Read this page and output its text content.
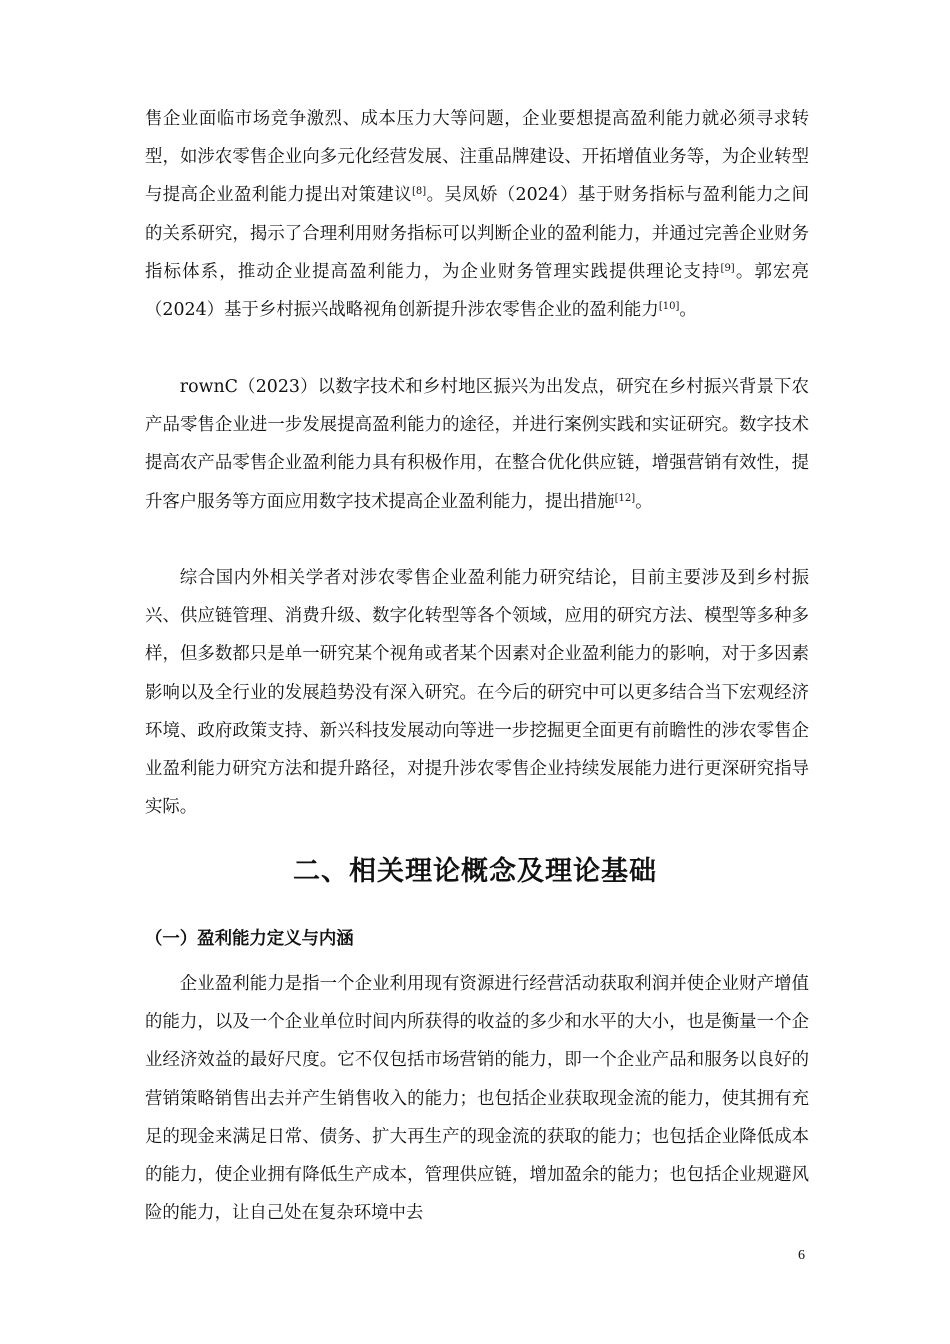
售企业面临市场竞争激烈、成本压力大等问题，企业要想提高盈利能力就必须寻求转型，如涉农零售企业向多元化经营发展、注重品牌建设、开拓增值业务等，为企业转型与提高企业盈利能力提出对策建议[8]。吴凤娇（2024）基于财务指标与盈利能力之间的关系研究，揭示了合理利用财务指标可以判断企业的盈利能力，并通过完善企业财务指标体系，推动企业提高盈利能力，为企业财务管理实践提供理论支持[9]。郭宏亮（2024）基于乡村振兴战略视角创新提升涉农零售企业的盈利能力[10]。

rownC（2023）以数字技术和乡村地区振兴为出发点，研究在乡村振兴背景下农产品零售企业进一步发展提高盈利能力的途径，并进行案例实践和实证研究。数字技术提高农产品零售企业盈利能力具有积极作用，在整合优化供应链，增强营销有效性，提升客户服务等方面应用数字技术提高企业盈利能力，提出措施[12]。

综合国内外相关学者对涉农零售企业盈利能力研究结论，目前主要涉及到乡村振兴、供应链管理、消费升级、数字化转型等各个领域，应用的研究方法、模型等多种多样，但多数都只是单一研究某个视角或者某个因素对企业盈利能力的影响，对于多因素影响以及全行业的发展趋势没有深入研究。在今后的研究中可以更多结合当下宏观经济环境、政府政策支持、新兴科技发展动向等进一步挖掘更全面更有前瞻性的涉农零售企业盈利能力研究方法和提升路径，对提升涉农零售企业持续发展能力进行更深研究指导实际。

二、相关理论概念及理论基础
（一）盈利能力定义与内涵

企业盈利能力是指一个企业利用现有资源进行经营活动获取利润并使企业财产增值的能力，以及一个企业单位时间内所获得的收益的多少和水平的大小，也是衡量一个企业经济效益的最好尺度。它不仅包括市场营销的能力，即一个企业产品和服务以良好的营销策略销售出去并产生销售收入的能力；也包括企业获取现金流的能力，使其拥有充足的现金来满足日常、债务、扩大再生产的现金流的获取的能力；也包括企业降低成本的能力，使企业拥有降低生产成本，管理供应链，增加盈余的能力；也包括企业规避风险的能力，让自己处在复杂环境中去

6
